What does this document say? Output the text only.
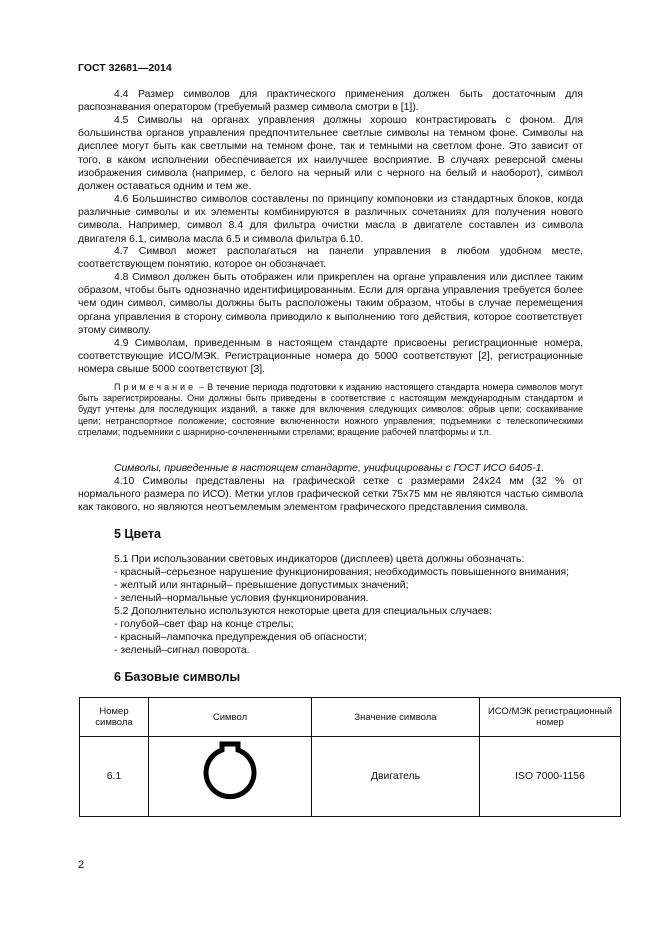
ГОСТ 32681—2014

4.4 Размер символов для практического применения должен быть достаточным для распознавания оператором (требуемый размер символа смотри в [1]).

4.5 Символы на органах управления должны хорошо контрастировать с фоном. Для большинства органов управления предпочтительнее светлые символы на темном фоне. Символы на дисплее могут быть как светлыми на темном фоне, так и темными на светлом фоне. Это зависит от того, в каком исполнении обеспечивается их наилучшее восприятие. В случаях реверсной смены изображения символа (например, с белого на черный или с черного на белый и наоборот), символ должен оставаться одним и тем же.

4.6 Большинство символов составлены по принципу компоновки из стандартных блоков, когда различные символы и их элементы комбинируются в различных сочетаниях для получения нового символа. Например, символ 8.4 для фильтра очистки масла в двигателе составлен из символа двигателя 6.1, символа масла 6.5 и символа фильтра 6.10.

4.7 Символ может располагаться на панели управления в любом удобном месте, соответствующем понятию, которое он обозначает.

4.8 Символ должен быть отображен или прикреплен на органе управления или дисплее таким образом, чтобы быть однозначно идентифицированным. Если для органа управления требуется более чем один символ, символы должны быть расположены таким образом, чтобы в случае перемещения органа управления в сторону символа приводило к выполнению того действия, которое соответствует этому символу.

4.9 Символам, приведенным в настоящем стандарте присвоены регистрационные номера, соответствующие ИСО/МЭК. Регистрационные номера до 5000 соответствуют [2], регистрационные номера свыше 5000 соответствуют [3].

Примечание – В течение периода подготовки к изданию настоящего стандарта номера символов могут быть зарегистрированы. Они должны быть приведены в соответствие с настоящим международным стандартом и будут учтены для последующих изданий, а также для включения следующих символов: обрыв цепи; соскакивание цепи; нетранспортное положение; состояние включенности ножного управления; подъемники с телескопическими стрелами; подъемники с шарнирно-сочлененными стрелами; вращение рабочей платформы и т.п.

Символы, приведенные в настоящем стандарте, унифицированы с ГОСТ ИСО 6405-1.

4.10 Символы представлены на графической сетке с размерами 24x24 мм (32 % от нормального размера по ИСО). Метки углов графической сетки 75x75 мм не являются частью символа как такового, но являются неотъемлемым элементом графического представления символа.

5 Цвета
5.1 При использовании световых индикаторов (дисплеев) цвета должны обозначать:
- красный–серьезное нарушение функционирования; необходимость повышенного внимания;
- желтый или янтарный– превышение допустимых значений;
- зеленый–нормальные условия функционирования.
5.2 Дополнительно используются некоторые цвета для специальных случаев:
- голубой–свет фар на конце стрелы;
- красный–лампочка предупреждения об опасности;
- зеленый–сигнал поворота.
6 Базовые символы
Номер символа	Символ	Значение символа	ИСО/МЭК регистрационный номер
6.1		Двигатель	ISO 7000-1156
2
